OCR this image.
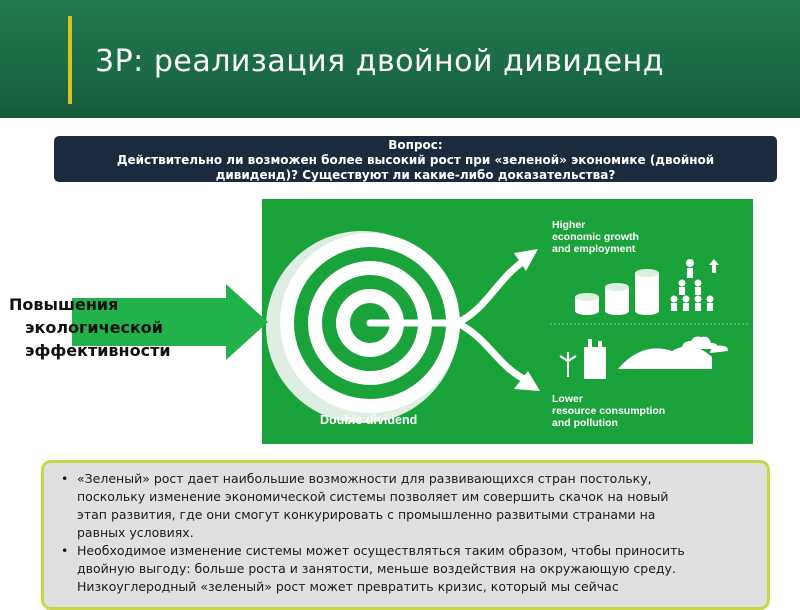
3P: реализация двойной дивиденд
Вопрос:
Действительно ли возможен более высокий рост при «зеленой» экономике (двойной
дивиденд)? Существуют ли какие-либо доказательства?
Higher
economic growth
and employment
Lower
resource consumption
and pollution
Double dividend
Повышения
экологической
эффективности
• «Зеленый» рост дает наибольшие возможности для развивающихся стран постольку,
поскольку изменение экономической системы позволяет им совершить скачок на новый
этап развития, где они смогут конкурировать с промышленно развитыми странами на
равных условиях.
• Необходимое изменение системы может осуществляться таким образом, чтобы приносить
двойную выгоду: больше роста и занятости, меньше воздействия на окружающую среду.
Низкоуглеродный «зеленый» рост может превратить кризис, который мы сейчас
